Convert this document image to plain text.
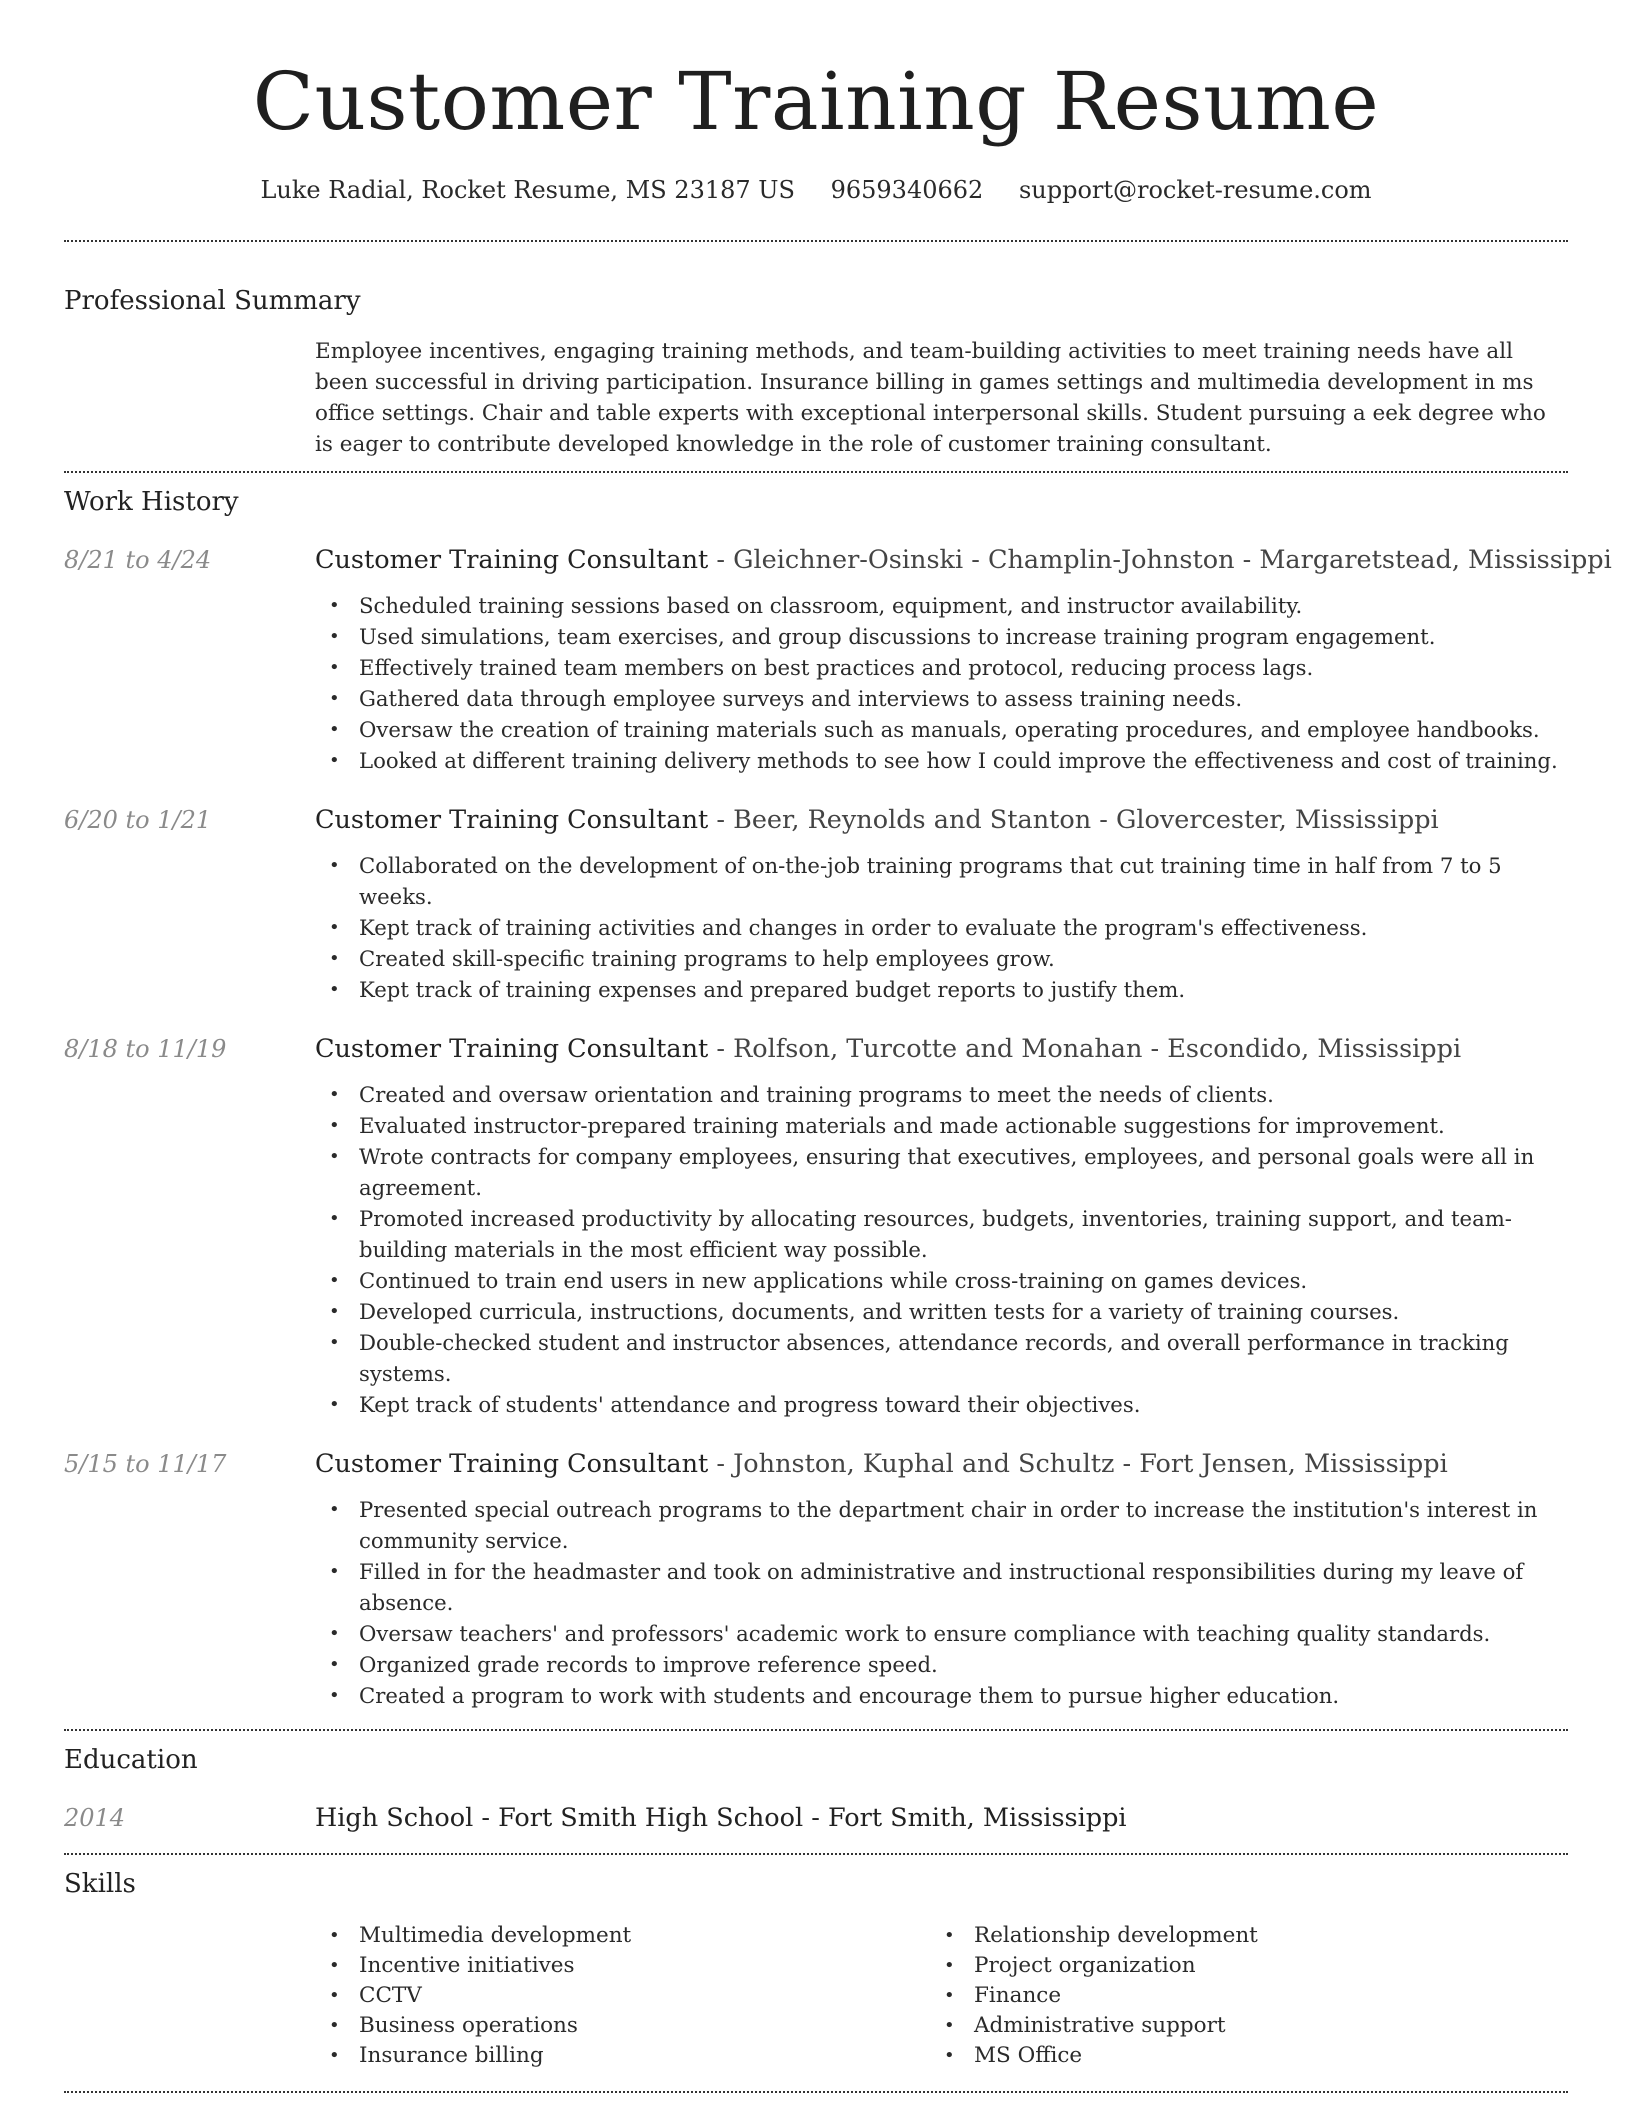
Customer Training Resume
Luke Radial, Rocket Resume, MS 23187 US 9659340662 support@rocket-resume.com
Professional Summary
Employee incentives, engaging training methods, and team-building activities to meet training needs have all been successful in driving participation. Insurance billing in games settings and multimedia development in ms office settings. Chair and table experts with exceptional interpersonal skills. Student pursuing a eek degree who is eager to contribute developed knowledge in the role of customer training consultant.
Work History
8/21 to 4/24	Customer Training Consultant - Gleichner-Osinski - Champlin-Johnston - Margaretstead, Mississippi
• Scheduled training sessions based on classroom, equipment, and instructor availability.
• Used simulations, team exercises, and group discussions to increase training program engagement.
• Effectively trained team members on best practices and protocol, reducing process lags.
• Gathered data through employee surveys and interviews to assess training needs.
• Oversaw the creation of training materials such as manuals, operating procedures, and employee handbooks.
• Looked at different training delivery methods to see how I could improve the effectiveness and cost of training.
6/20 to 1/21	Customer Training Consultant - Beer, Reynolds and Stanton - Glovercester, Mississippi
• Collaborated on the development of on-the-job training programs that cut training time in half from 7 to 5 weeks.
• Kept track of training activities and changes in order to evaluate the program's effectiveness.
• Created skill-specific training programs to help employees grow.
• Kept track of training expenses and prepared budget reports to justify them.
8/18 to 11/19	Customer Training Consultant - Rolfson, Turcotte and Monahan - Escondido, Mississippi
• Created and oversaw orientation and training programs to meet the needs of clients.
• Evaluated instructor-prepared training materials and made actionable suggestions for improvement.
• Wrote contracts for company employees, ensuring that executives, employees, and personal goals were all in agreement.
• Promoted increased productivity by allocating resources, budgets, inventories, training support, and team-building materials in the most efficient way possible.
• Continued to train end users in new applications while cross-training on games devices.
• Developed curricula, instructions, documents, and written tests for a variety of training courses.
• Double-checked student and instructor absences, attendance records, and overall performance in tracking systems.
• Kept track of students' attendance and progress toward their objectives.
5/15 to 11/17	Customer Training Consultant - Johnston, Kuphal and Schultz - Fort Jensen, Mississippi
• Presented special outreach programs to the department chair in order to increase the institution's interest in community service.
• Filled in for the headmaster and took on administrative and instructional responsibilities during my leave of absence.
• Oversaw teachers' and professors' academic work to ensure compliance with teaching quality standards.
• Organized grade records to improve reference speed.
• Created a program to work with students and encourage them to pursue higher education.
Education
2014	High School - Fort Smith High School - Fort Smith, Mississippi
Skills
• Multimedia development
• Incentive initiatives
• CCTV
• Business operations
• Insurance billing
• Relationship development
• Project organization
• Finance
• Administrative support
• MS Office
